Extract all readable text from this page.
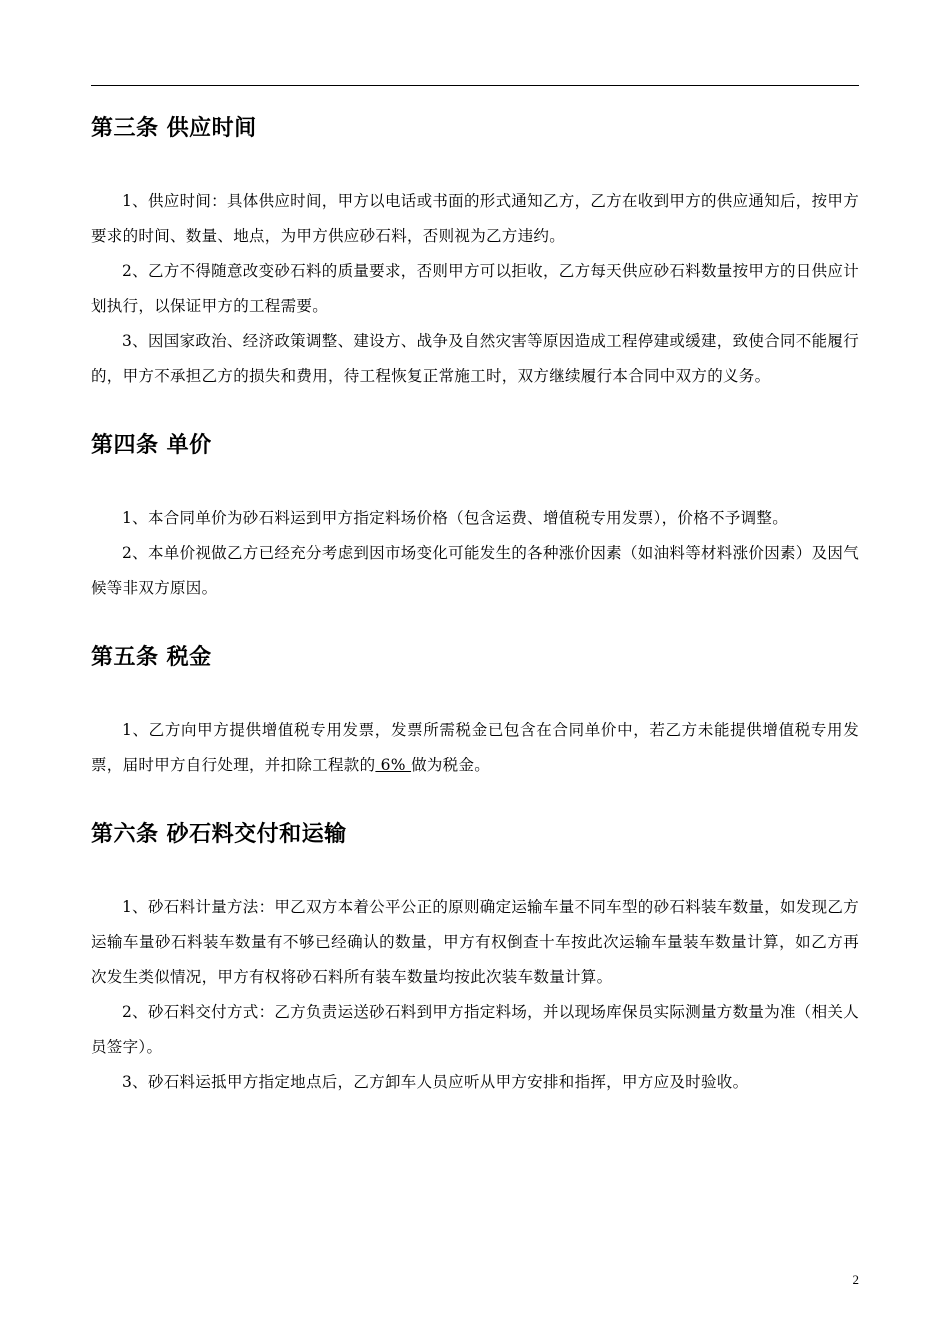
第三条 供应时间

1、供应时间：具体供应时间，甲方以电话或书面的形式通知乙方，乙方在收到甲方的供应通知后，按甲方要求的时间、数量、地点，为甲方供应砂石料，否则视为乙方违约。

2、乙方不得随意改变砂石料的质量要求，否则甲方可以拒收，乙方每天供应砂石料数量按甲方的日供应计划执行，以保证甲方的工程需要。

3、因国家政治、经济政策调整、建设方、战争及自然灾害等原因造成工程停建或缓建，致使合同不能履行的，甲方不承担乙方的损失和费用，待工程恢复正常施工时，双方继续履行本合同中双方的义务。

第四条 单价

1、本合同单价为砂石料运到甲方指定料场价格（包含运费、增值税专用发票），价格不予调整。

2、本单价视做乙方已经充分考虑到因市场变化可能发生的各种涨价因素（如油料等材料涨价因素）及因气候等非双方原因。

第五条 税金

1、乙方向甲方提供增值税专用发票，发票所需税金已包含在合同单价中，若乙方未能提供增值税专用发票，届时甲方自行处理，并扣除工程款的 6% 做为税金。

第六条 砂石料交付和运输

1、砂石料计量方法：甲乙双方本着公平公正的原则确定运输车量不同车型的砂石料装车数量，如发现乙方运输车量砂石料装车数量有不够已经确认的数量，甲方有权倒查十车按此次运输车量装车数量计算，如乙方再次发生类似情况，甲方有权将砂石料所有装车数量均按此次装车数量计算。

2、砂石料交付方式：乙方负责运送砂石料到甲方指定料场，并以现场库保员实际测量方数量为准（相关人员签字）。

3、砂石料运抵甲方指定地点后，乙方卸车人员应听从甲方安排和指挥，甲方应及时验收。

2
